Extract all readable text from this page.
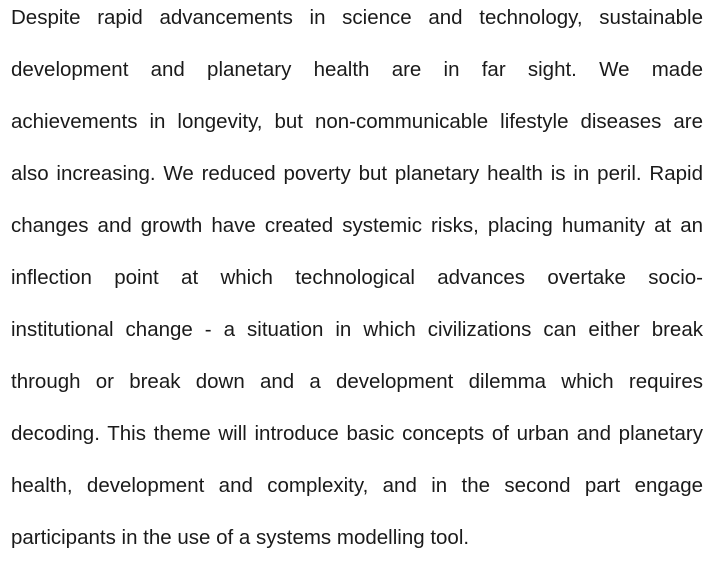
Despite rapid advancements in science and technology, sustainable
development and planetary health are in far sight. We made
achievements in longevity, but non-communicable lifestyle diseases are
also increasing. We reduced poverty but planetary health is in peril. Rapid
changes and growth have created systemic risks, placing humanity at an
inflection point at which technological advances overtake socio-
institutional change - a situation in which civilizations can either break
through or break down and a development dilemma which requires
decoding. This theme will introduce basic concepts of urban and planetary
health, development and complexity, and in the second part engage
participants in the use of a systems modelling tool.
